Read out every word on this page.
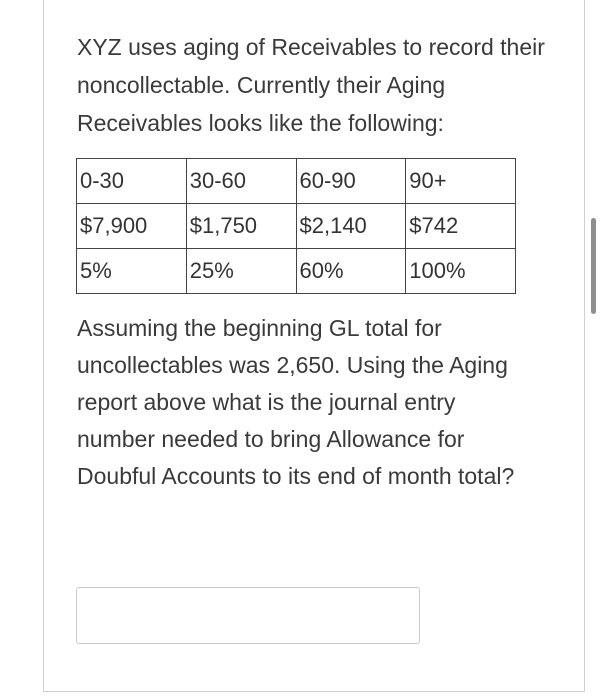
XYZ uses aging of Receivables to record their noncollectable. Currently their Aging Receivables looks like the following:

0-30	30-60	60-90	90+
$7,900	$1,750	$2,140	$742
5%	25%	60%	100%

Assuming the beginning GL total for uncollectables was 2,650. Using the Aging report above what is the journal entry number needed to bring Allowance for Doubful Accounts to its end of month total?
